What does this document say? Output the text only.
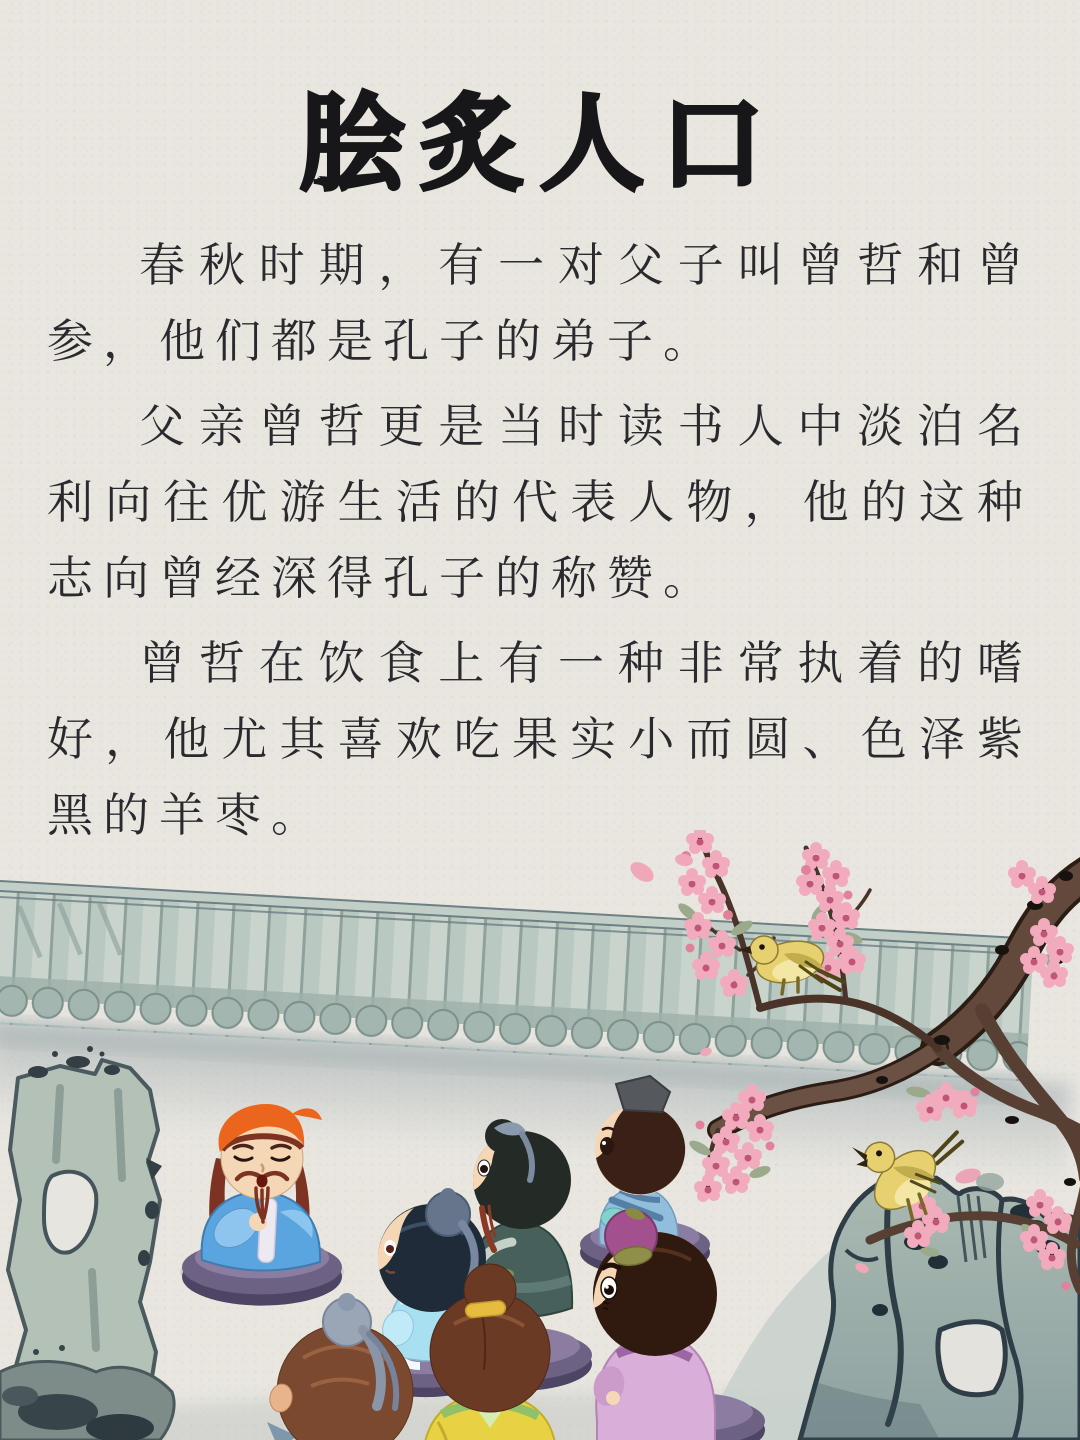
脍炙人口

春秋时期，有一对父子叫曾哲和曾参，他们都是孔子的弟子。

父亲曾哲更是当时读书人中淡泊名利向往优游生活的代表人物，他的这种志向曾经深得孔子的称赞。

曾哲在饮食上有一种非常执着的嗜好，他尤其喜欢吃果实小而圆、色泽紫黑的羊枣。
